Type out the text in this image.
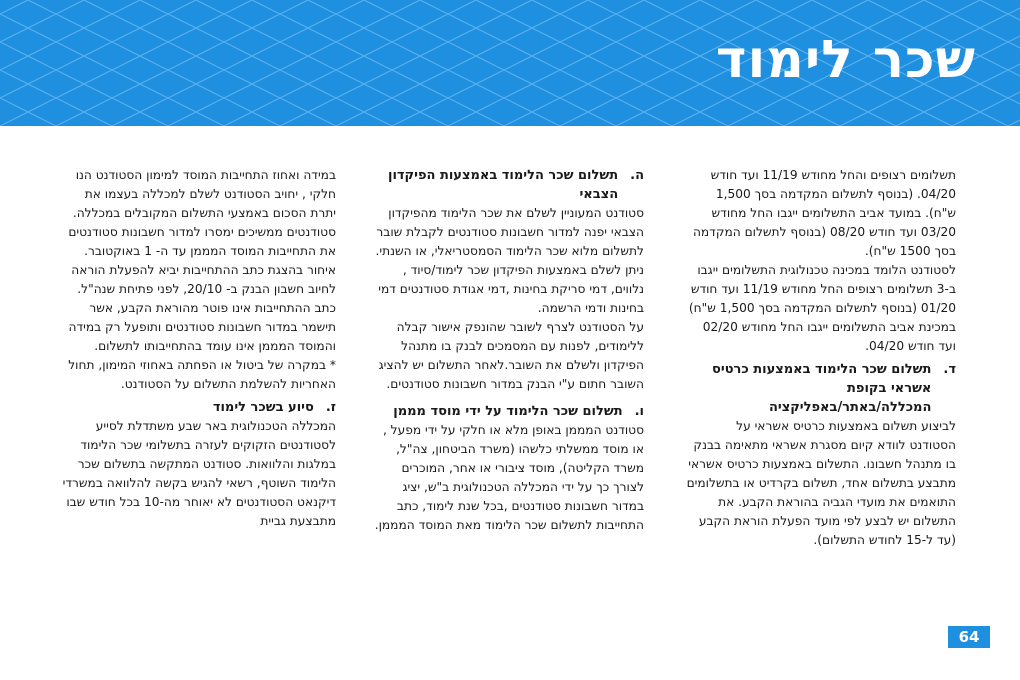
שכר לימוד

תשלומים רצופים והחל מחודש 11/19 ועד חודש 04/20. (בנוסף לתשלום המקדמה בסך 1,500 ש"ח). במועד אביב התשלומים ייגבו החל מחודש 03/20 ועד חודש 08/20 (בנוסף לתשלום המקדמה בסך 1500 ש"ח).

לסטודנט הלומד במכינה טכנולוגית התשלומים ייגבו ב-3 תשלומים רצופים החל מחודש 11/19 ועד חודש 01/20 (בנוסף לתשלום המקדמה בסך 1,500 ש"ח) במכינת אביב התשלומים ייגבו החל מחודש 02/20 ועד חודש 04/20.

ד.
תשלום שכר הלימוד באמצעות כרטיס אשראי בקופת המכללה/באתר/באפליקציה

לביצוע תשלום באמצעות כרטיס אשראי על הסטודנט לוודא קיום מסגרת אשראי מתאימה בבנק בו מתנהל חשבונו. התשלום באמצעות כרטיס אשראי מתבצע בתשלום אחד, תשלום בקרדיט או בתשלומים התואמים את מועדי הגביה בהוראת הקבע. את התשלום יש לבצע לפי מועד הפעלת הוראת הקבע (עד ל-15 לחודש התשלום).

ה.
תשלום שכר הלימוד באמצעות הפיקדון הצבאי

סטודנט המעוניין לשלם את שכר הלימוד מהפיקדון הצבאי יפנה למדור חשבונות סטודנטים לקבלת שובר לתשלום מלוא שכר הלימוד הסמסטריאלי, או השנתי. ניתן לשלם באמצעות הפיקדון שכר לימוד/סיוד , נלווים, דמי סריקת בחינות ,דמי אגודת סטודנטים דמי בחינות ודמי הרשמה.

על הסטודנט לצרף לשובר שהונפק אישור קבלה ללימודים, לפנות עם המסמכים לבנק בו מתנהל הפיקדון ולשלם את השובר.לאחר התשלום יש להציג השובר חתום ע"י הבנק במדור חשבונות סטודנטים.

ו.
תשלום שכר הלימוד על ידי מוסד מממן

סטודנט המממן באופן מלא או חלקי על ידי מפעל , או מוסד ממשלתי כלשהו (משרד הביטחון, צה"ל, משרד הקליטה), מוסד ציבורי או אחר, המוכרים לצורך כך על ידי המכללה הטכנולוגית ב"ש, יציג במדור חשבונות סטודנטים ,בכל שנת לימוד, כתב התחייבות לתשלום שכר הלימוד מאת המוסד המממן.

במידה ואחוז התחייבות המוסד למימון הסטודנט הנו חלקי , יחויב הסטודנט לשלם למכללה בעצמו את יתרת הסכום באמצעי התשלום המקובלים במכללה.

סטודנטים ממשיכים ימסרו למדור חשבונות סטודנטים את התחייבות המוסד המממן עד ה- 1 באוקטובר. איחור בהצגת כתב ההתחייבות יביא להפעלת הוראה לחיוב חשבון הבנק ב- 20/10, לפני פתיחת שנה"ל.

כתב ההתחייבות אינו פוטר מהוראת הקבע, אשר תישמר במדור חשבונות סטודנטים ותופעל רק במידה והמוסד המממן אינו עומד בהתחייבותו לתשלום.

* במקרה של ביטול או הפחתה באחוזי המימון, תחול האחריות להשלמת התשלום על הסטודנט.

ז.
סיוע בשכר לימוד

המכללה הטכנולוגית באר שבע משתדלת לסייע לסטודנטים הזקוקים לעזרה בתשלומי שכר הלימוד במלגות והלוואות. סטודנט המתקשה בתשלום שכר הלימוד השוטף, רשאי להגיש בקשה להלוואה במשרדי דיקנאט הסטודנטים לא יאוחר מה-10 בכל חודש שבו מתבצעת גביית

64
